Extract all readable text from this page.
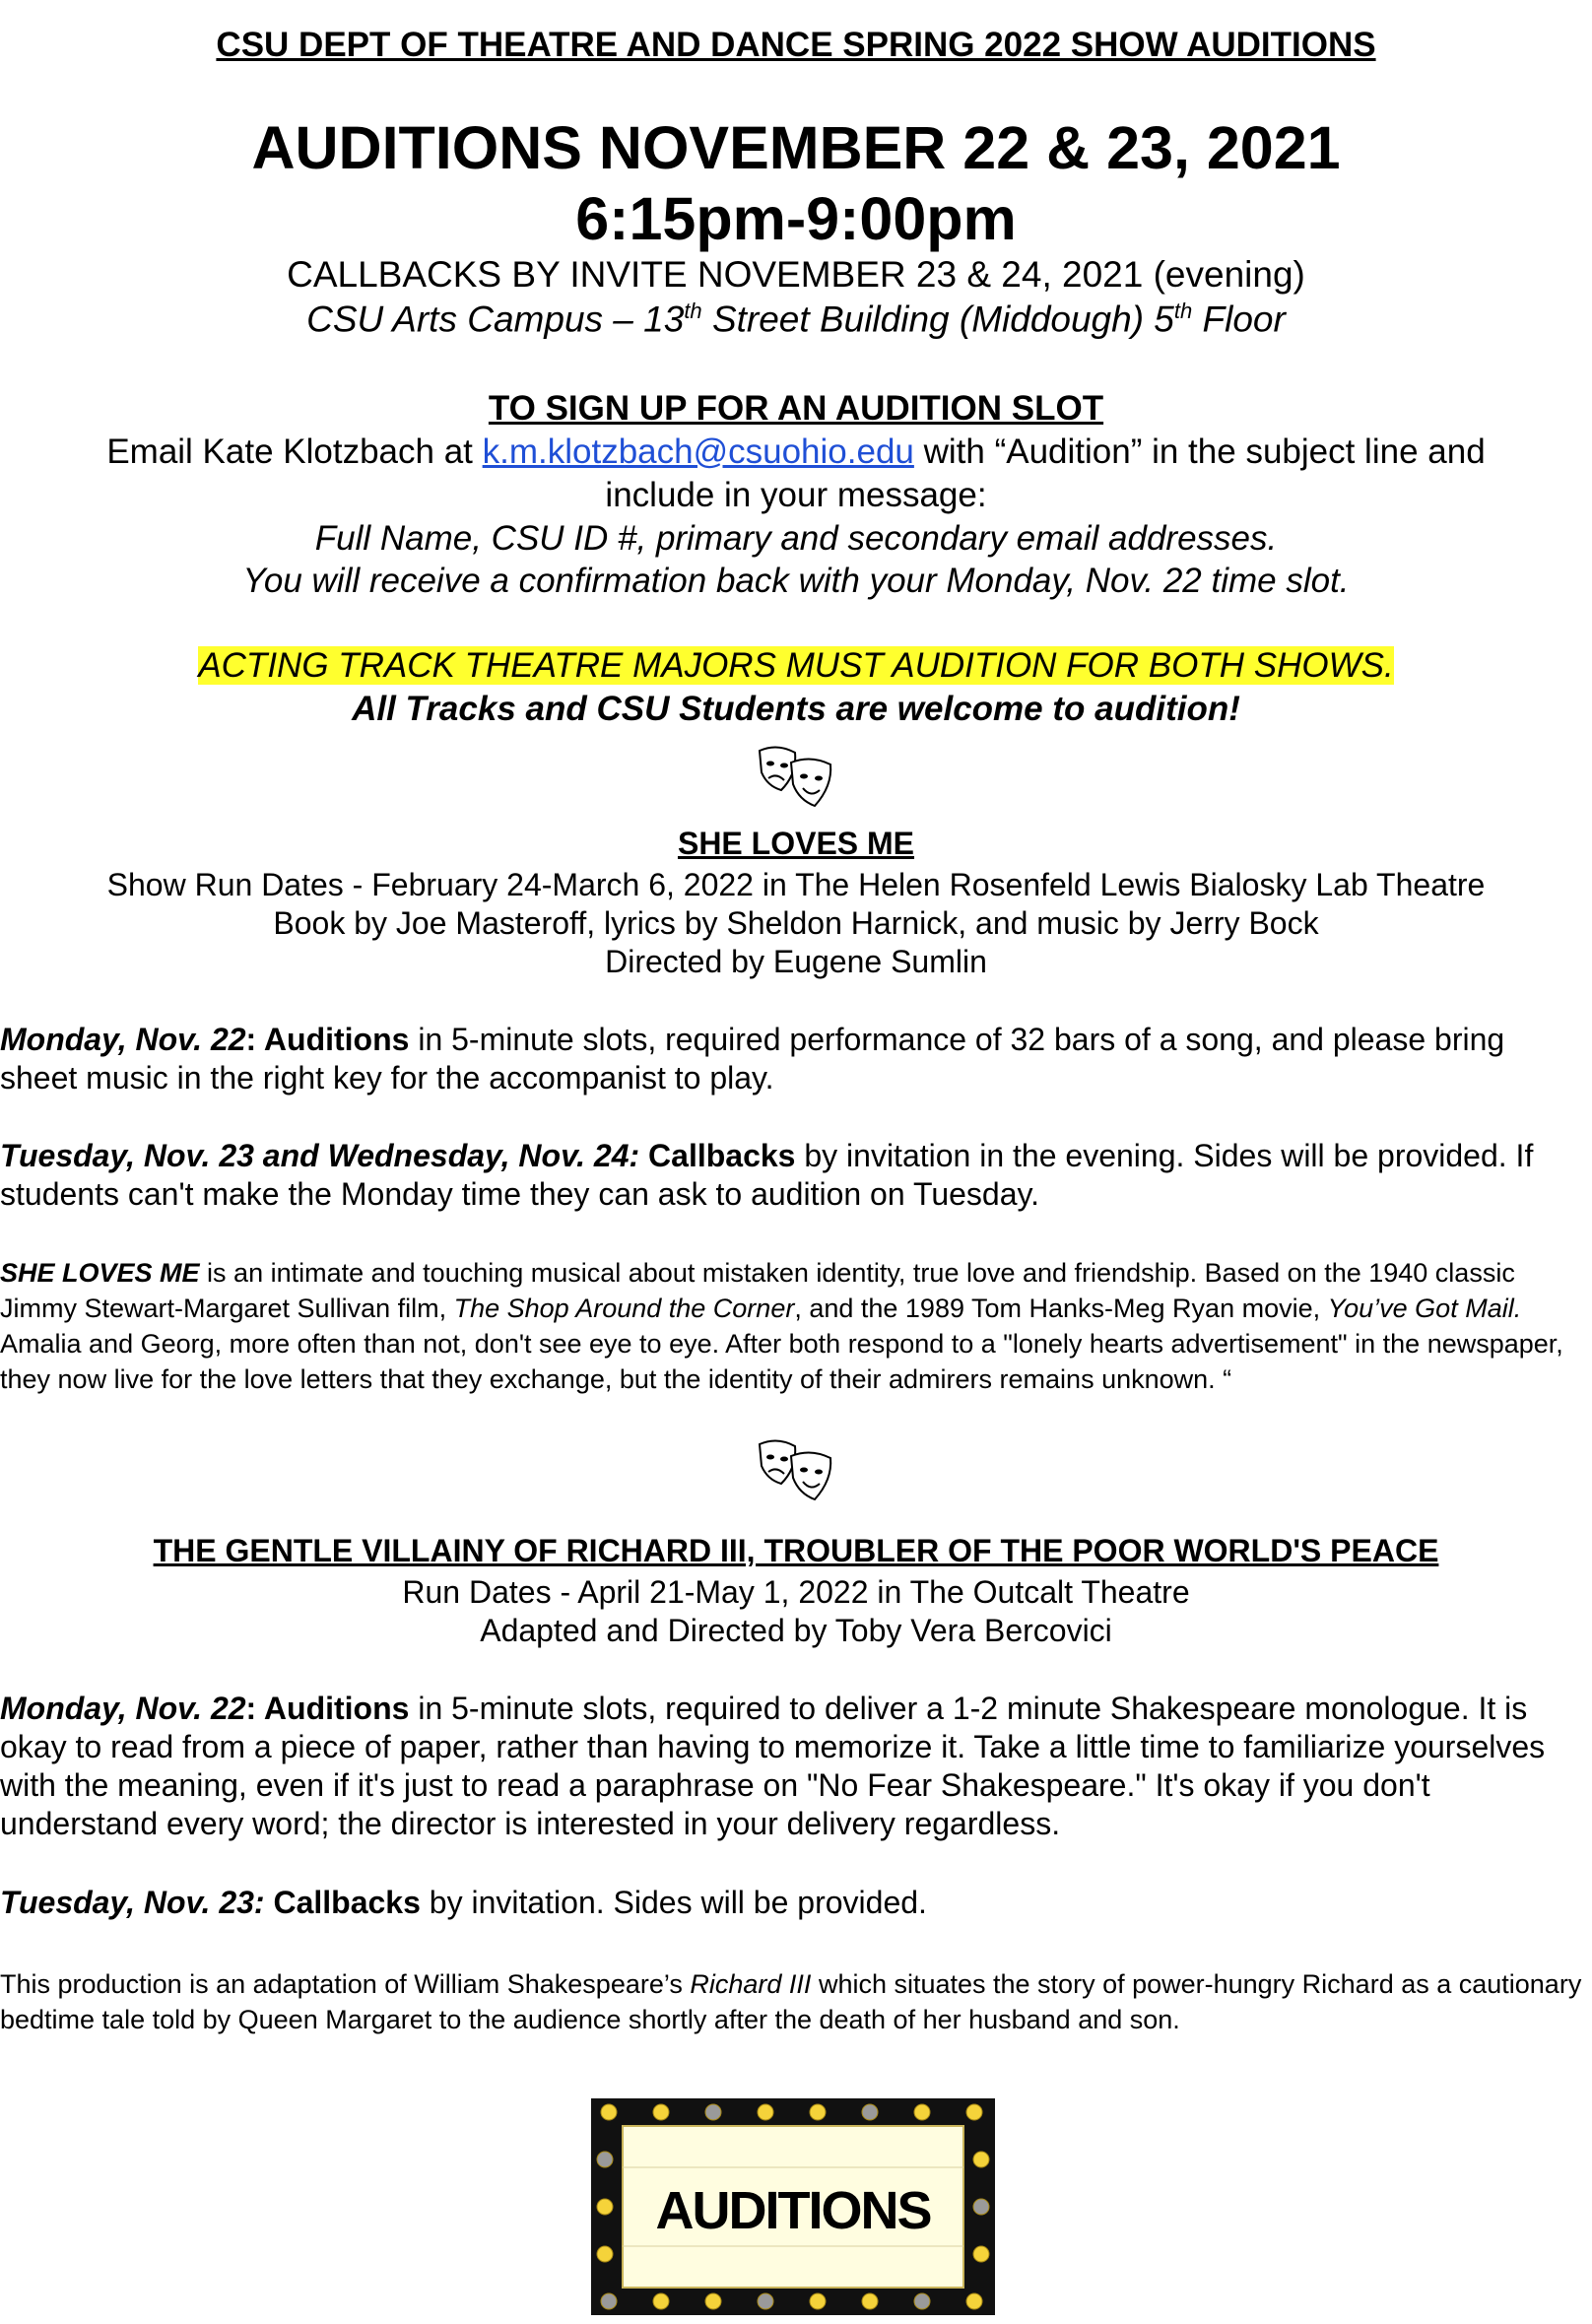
CSU DEPT OF THEATRE AND DANCE SPRING 2022 SHOW AUDITIONS
AUDITIONS NOVEMBER 22 & 23, 2021
6:15pm-9:00pm
CALLBACKS BY INVITE NOVEMBER 23 & 24, 2021 (evening)
CSU Arts Campus – 13th Street Building (Middough) 5th Floor
TO SIGN UP FOR AN AUDITION SLOT
Email Kate Klotzbach at k.m.klotzbach@csuohio.edu with “Audition” in the subject line and
include in your message:
Full Name, CSU ID #, primary and secondary email addresses.
You will receive a confirmation back with your Monday, Nov. 22 time slot.
ACTING TRACK THEATRE MAJORS MUST AUDITION FOR BOTH SHOWS.
All Tracks and CSU Students are welcome to audition!
SHE LOVES ME
Show Run Dates - February 24-March 6, 2022 in The Helen Rosenfeld Lewis Bialosky Lab Theatre
Book by Joe Masteroff, lyrics by Sheldon Harnick, and music by Jerry Bock
Directed by Eugene Sumlin
Monday, Nov. 22: Auditions in 5-minute slots, required performance of 32 bars of a song, and please bring sheet music in the right key for the accompanist to play.
Tuesday, Nov. 23 and Wednesday, Nov. 24: Callbacks by invitation in the evening. Sides will be provided. If students can't make the Monday time they can ask to audition on Tuesday.
SHE LOVES ME is an intimate and touching musical about mistaken identity, true love and friendship. Based on the 1940 classic Jimmy Stewart-Margaret Sullivan film, The Shop Around the Corner, and the 1989 Tom Hanks-Meg Ryan movie, You’ve Got Mail. Amalia and Georg, more often than not, don't see eye to eye. After both respond to a "lonely hearts advertisement" in the newspaper, they now live for the love letters that they exchange, but the identity of their admirers remains unknown. “
THE GENTLE VILLAINY OF RICHARD III, TROUBLER OF THE POOR WORLD'S PEACE
Run Dates - April 21-May 1, 2022 in The Outcalt Theatre
Adapted and Directed by Toby Vera Bercovici
Monday, Nov. 22: Auditions in 5-minute slots, required to deliver a 1-2 minute Shakespeare monologue. It is okay to read from a piece of paper, rather than having to memorize it. Take a little time to familiarize yourselves with the meaning, even if it's just to read a paraphrase on "No Fear Shakespeare." It's okay if you don't understand every word; the director is interested in your delivery regardless.
Tuesday, Nov. 23: Callbacks by invitation. Sides will be provided.
This production is an adaptation of William Shakespeare’s Richard III which situates the story of power-hungry Richard as a cautionary bedtime tale told by Queen Margaret to the audience shortly after the death of her husband and son.
AUDITIONS
